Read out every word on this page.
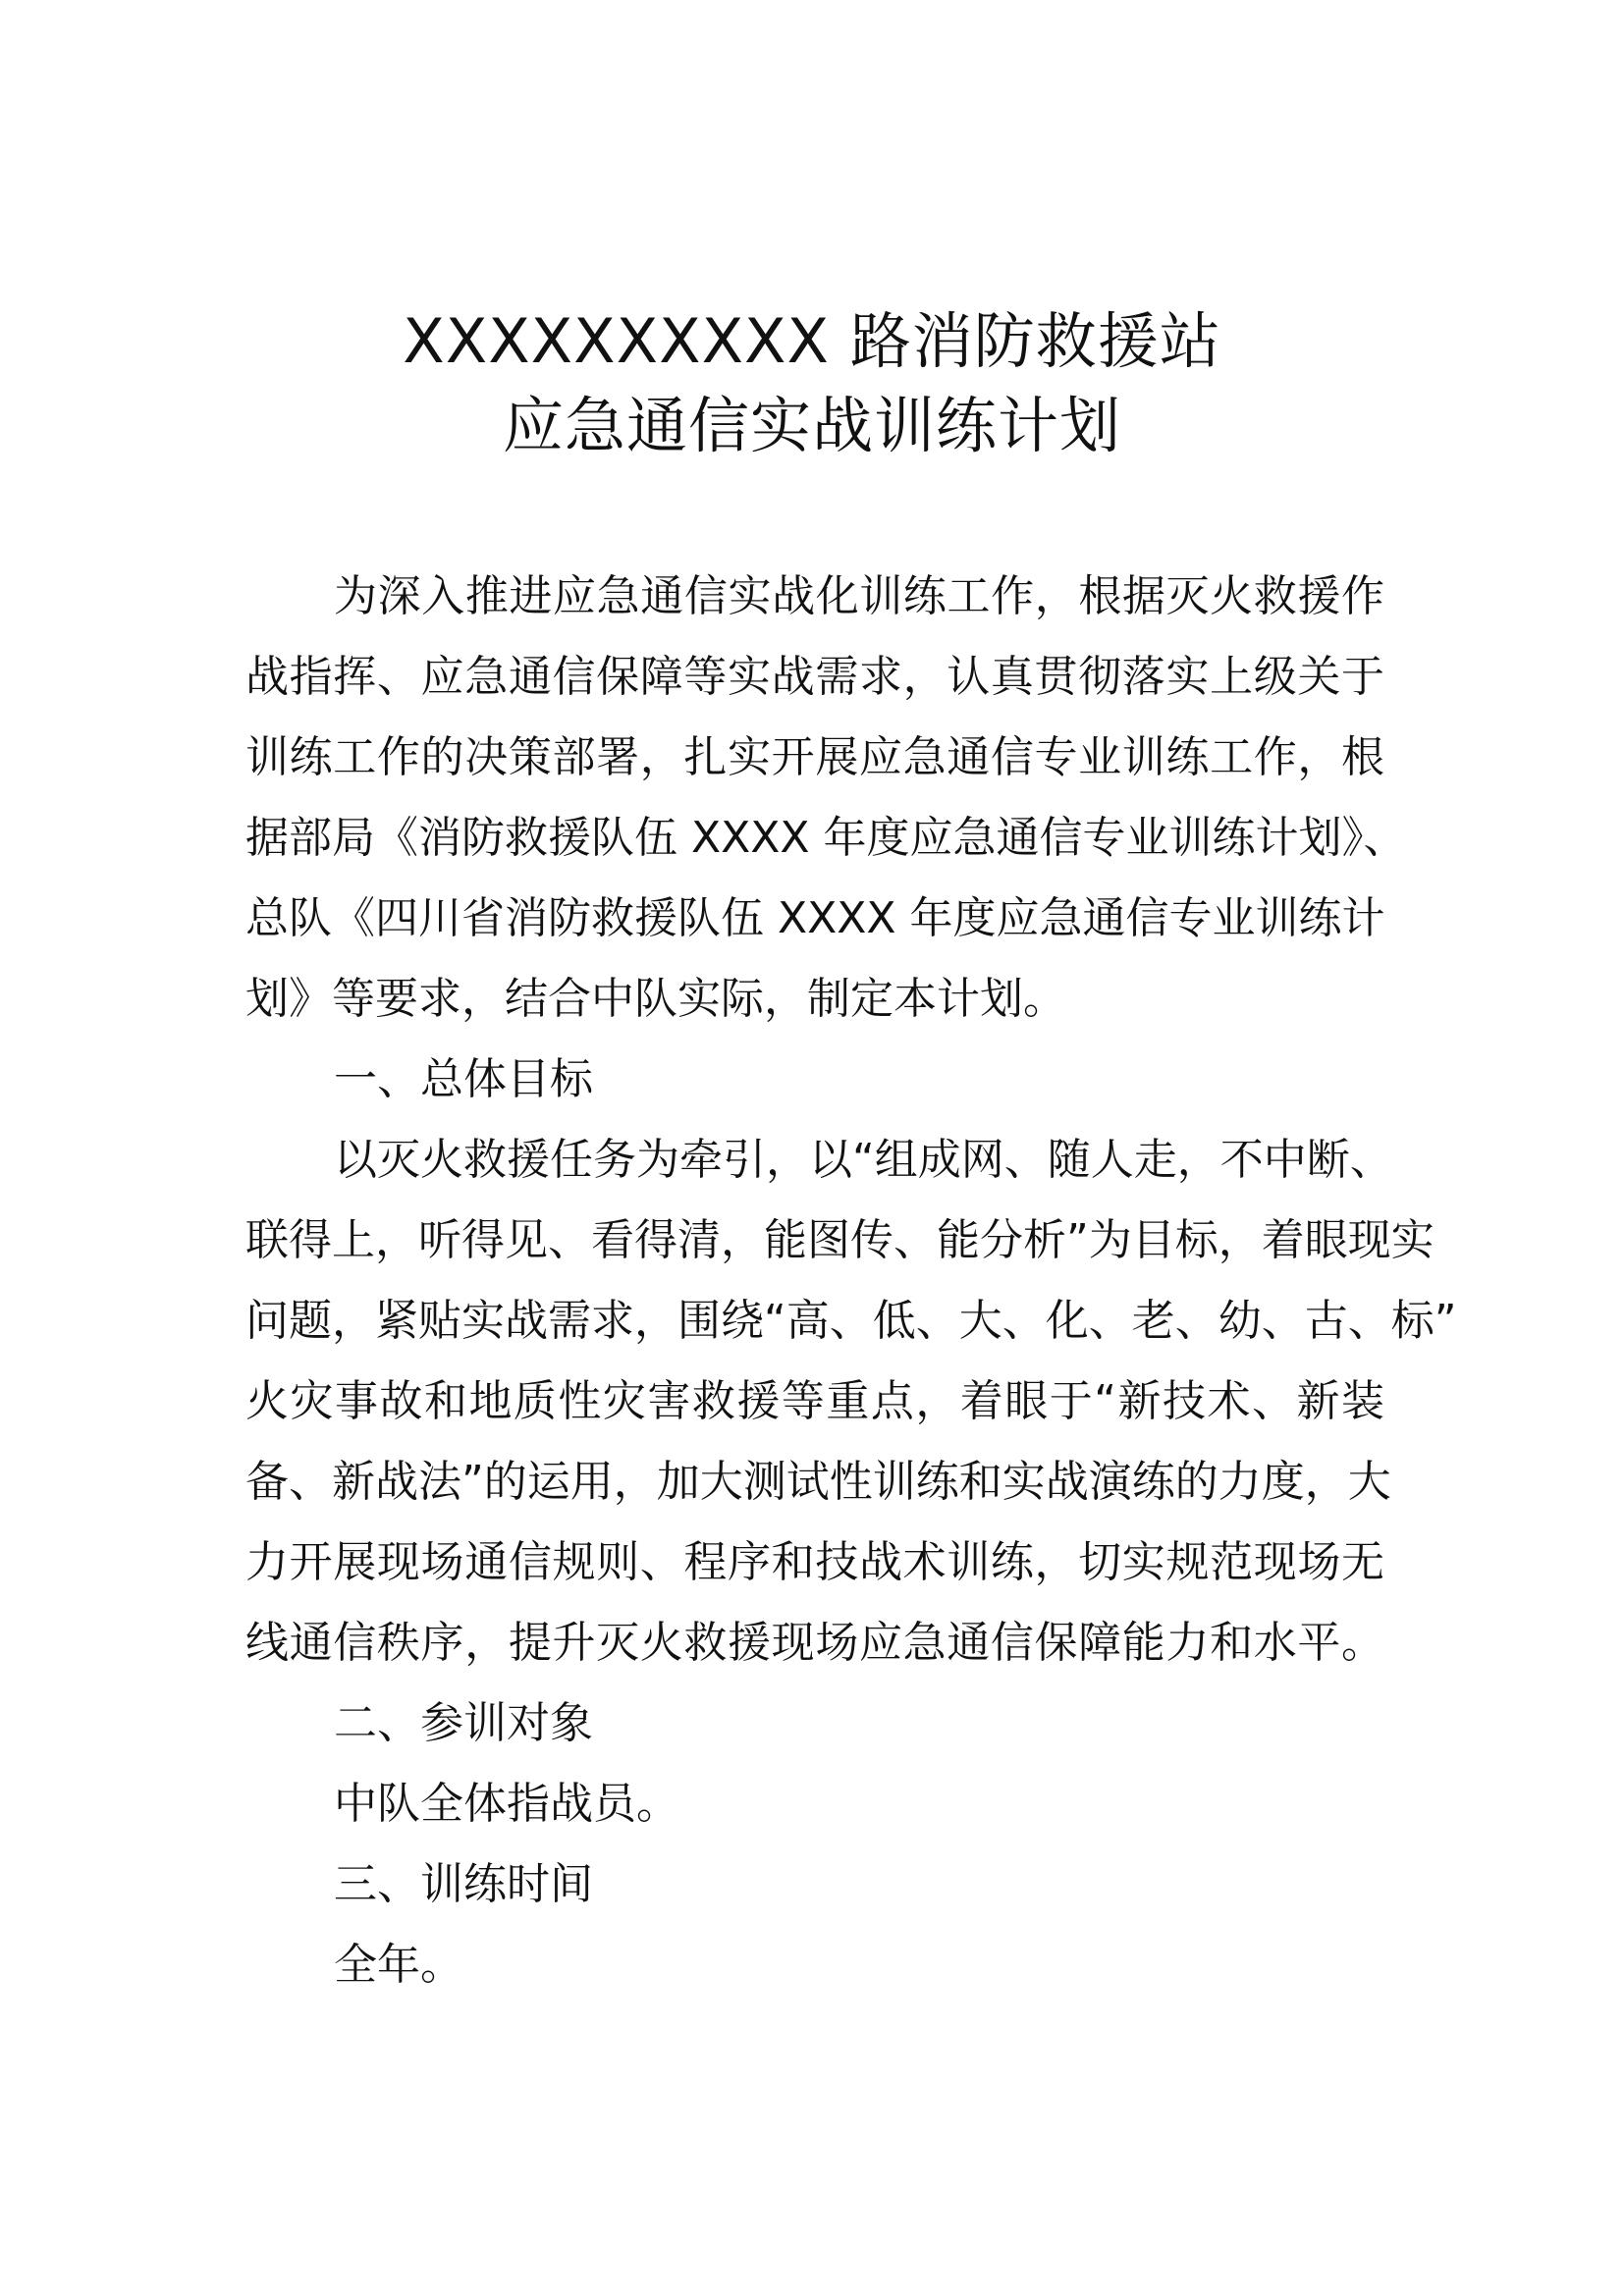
XXXXXXXXXX 路消防救援站
应急通信实战训练计划
为深入推进应急通信实战化训练工作，根据灭火救援作
战指挥、应急通信保障等实战需求，认真贯彻落实上级关于
训练工作的决策部署，扎实开展应急通信专业训练工作，根
据部局《消防救援队伍 XXXX 年度应急通信专业训练计划》、
总队《四川省消防救援队伍 XXXX 年度应急通信专业训练计
划》等要求，结合中队实际，制定本计划。
一、总体目标
以灭火救援任务为牵引，以“组成网、随人走，不中断、
联得上，听得见、看得清，能图传、能分析”为目标，着眼现实
问题，紧贴实战需求，围绕“高、低、大、化、老、幼、古、标”
火灾事故和地质性灾害救援等重点，着眼于“新技术、新装
备、新战法”的运用，加大测试性训练和实战演练的力度，大
力开展现场通信规则、程序和技战术训练，切实规范现场无
线通信秩序，提升灭火救援现场应急通信保障能力和水平。
二、参训对象
中队全体指战员。
三、训练时间
全年。
